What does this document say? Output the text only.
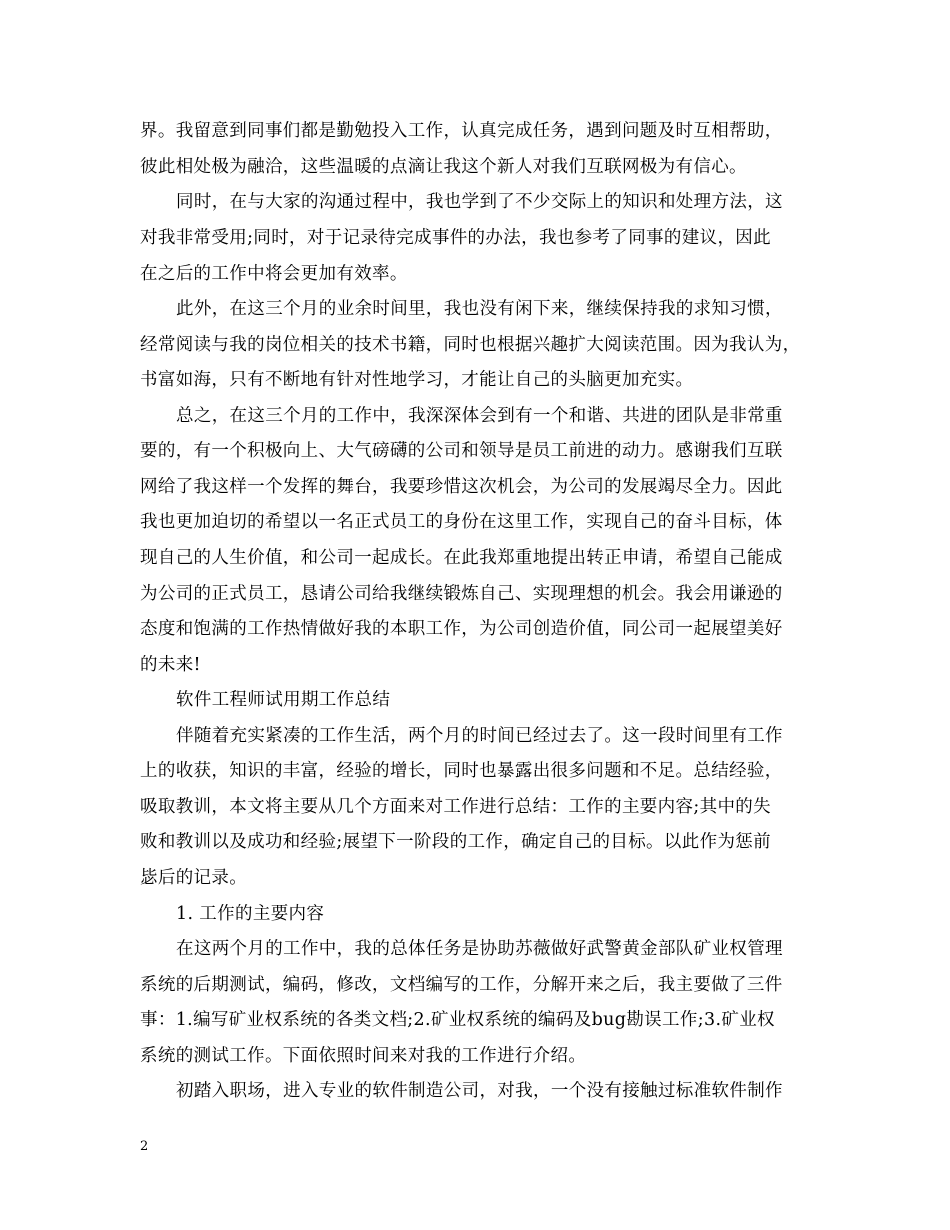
界。我留意到同事们都是勤勉投入工作，认真完成任务，遇到问题及时互相帮助，
彼此相处极为融洽，这些温暖的点滴让我这个新人对我们互联网极为有信心。
同时，在与大家的沟通过程中，我也学到了不少交际上的知识和处理方法，这
对我非常受用;同时，对于记录待完成事件的办法，我也参考了同事的建议，因此
在之后的工作中将会更加有效率。
此外，在这三个月的业余时间里，我也没有闲下来，继续保持我的求知习惯，
经常阅读与我的岗位相关的技术书籍，同时也根据兴趣扩大阅读范围。因为我认为，
书富如海，只有不断地有针对性地学习，才能让自己的头脑更加充实。
总之，在这三个月的工作中，我深深体会到有一个和谐、共进的团队是非常重
要的，有一个积极向上、大气磅礴的公司和领导是员工前进的动力。感谢我们互联
网给了我这样一个发挥的舞台，我要珍惜这次机会，为公司的发展竭尽全力。因此
我也更加迫切的希望以一名正式员工的身份在这里工作，实现自己的奋斗目标，体
现自己的人生价值，和公司一起成长。在此我郑重地提出转正申请，希望自己能成
为公司的正式员工，恳请公司给我继续锻炼自己、实现理想的机会。我会用谦逊的
态度和饱满的工作热情做好我的本职工作，为公司创造价值，同公司一起展望美好
的未来!
软件工程师试用期工作总结
伴随着充实紧凑的工作生活，两个月的时间已经过去了。这一段时间里有工作
上的收获，知识的丰富，经验的增长，同时也暴露出很多问题和不足。总结经验，
吸取教训，本文将主要从几个方面来对工作进行总结：工作的主要内容;其中的失
败和教训以及成功和经验;展望下一阶段的工作，确定自己的目标。以此作为惩前
毖后的记录。
1. 工作的主要内容
在这两个月的工作中，我的总体任务是协助苏薇做好武警黄金部队矿业权管理
系统的后期测试，编码，修改，文档编写的工作，分解开来之后，我主要做了三件
事：1.编写矿业权系统的各类文档;2.矿业权系统的编码及bug勘误工作;3.矿业权
系统的测试工作。下面依照时间来对我的工作进行介绍。
初踏入职场，进入专业的软件制造公司，对我，一个没有接触过标准软件制作
2
